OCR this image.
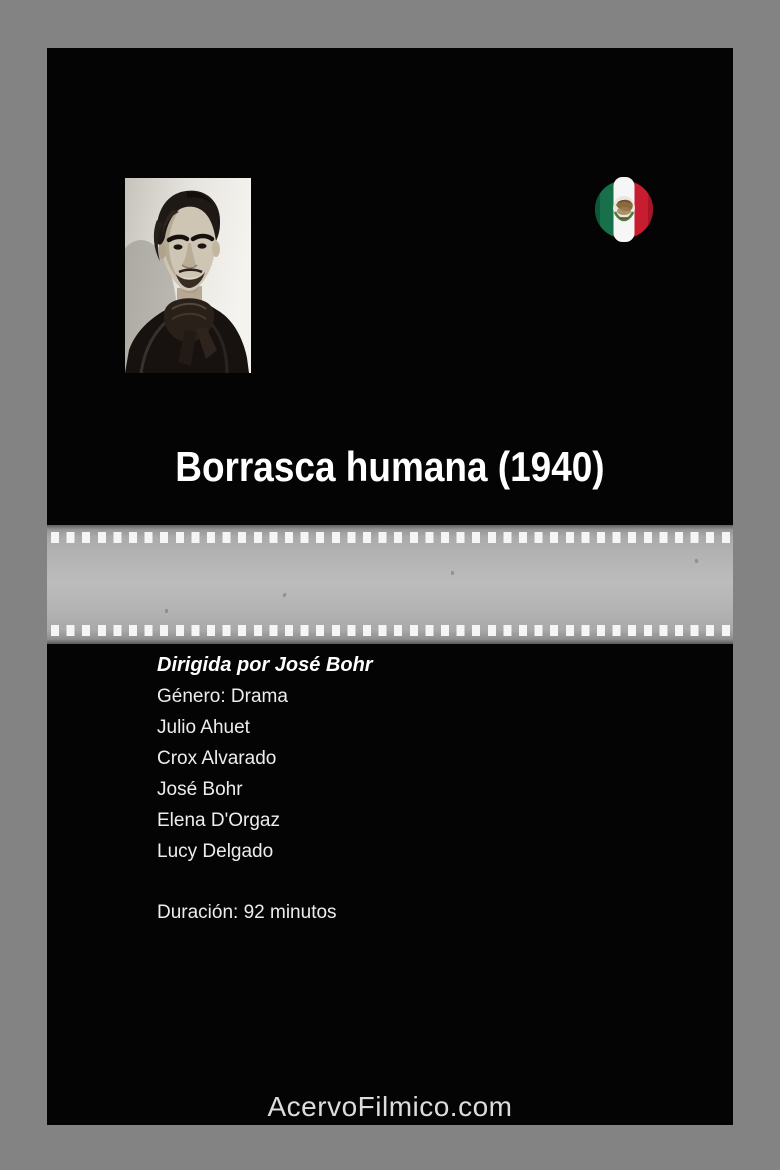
Borrasca humana (1940)
Dirigida por José Bohr
Género: Drama
Julio Ahuet
Crox Alvarado
José Bohr
Elena D'Orgaz
Lucy Delgado
Duración: 92 minutos
AcervoFilmico.com
